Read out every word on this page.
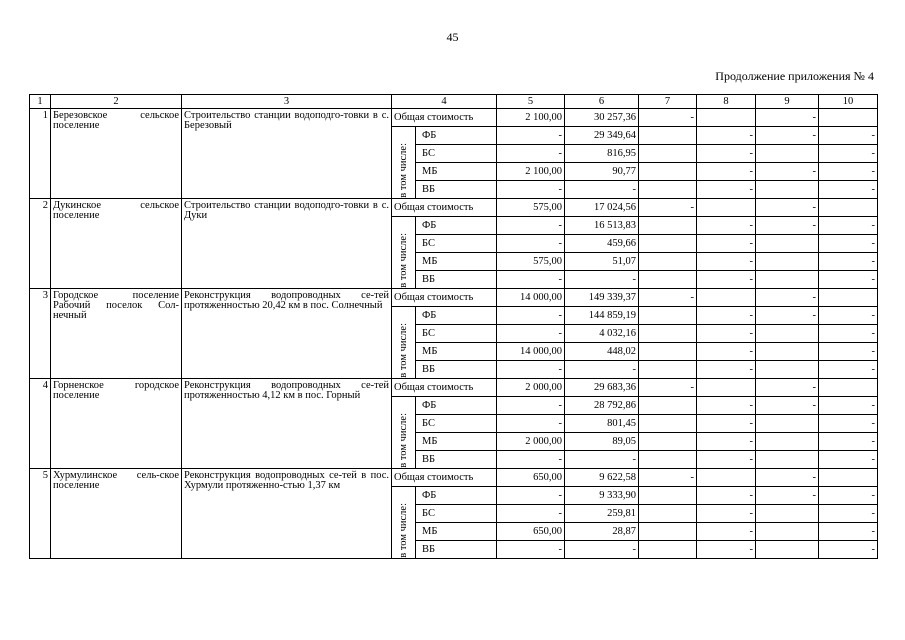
45
Продолжение приложения № 4
1	2	3	4		5	6	7	8	9	10
1	Березовское сельское поселение	Строительство станции водоподго-товки в с. Березовый	Общая стоимость		2 100,00	30 257,36	-		-	

			в том числе:	ФБ	-	29 349,64		-	-	-
				БС	-	816,95		-		-
				МБ	2 100,00	90,77		-	-	-
				ВБ	-	-		-		-
2	Дукинское сельское поселение	Строительство станции водоподго-товки в с. Дуки	Общая стоимость		575,00	17 024,56	-		-	

			в том числе:	ФБ	-	16 513,83		-	-	-
				БС	-	459,66		-		-
				МБ	575,00	51,07		-		-
				ВБ	-	-		-		-
3	Городское поселение Рабочий поселок Сол-нечный	Реконструкция водопроводных се-тей протяженностью 20,42 км в пос. Солнечный	Общая стоимость		14 000,00	149 339,37	-		-	

			в том числе:	ФБ	-	144 859,19		-	-	-
				БС	-	4 032,16		-		-
				МБ	14 000,00	448,02		-		-
				ВБ	-	-		-		-
4	Горненское городское поселение	Реконструкция водопроводных се-тей протяженностью 4,12 км в пос. Горный	Общая стоимость		2 000,00	29 683,36	-		-	

			в том числе:	ФБ	-	28 792,86		-	-	-
				БС	-	801,45		-		-
				МБ	2 000,00	89,05		-		-
				ВБ	-	-		-		-
5	Хурмулинское сель-ское поселение	Реконструкция водопроводных се-тей в пос. Хурмули протяженно-стью 1,37 км	Общая стоимость		650,00	9 622,58	-		-	

			в том числе:	ФБ	-	9 333,90		-	-	-
				БС	-	259,81		-		-
				МБ	650,00	28,87		-		-
				ВБ	-	-		-		-
